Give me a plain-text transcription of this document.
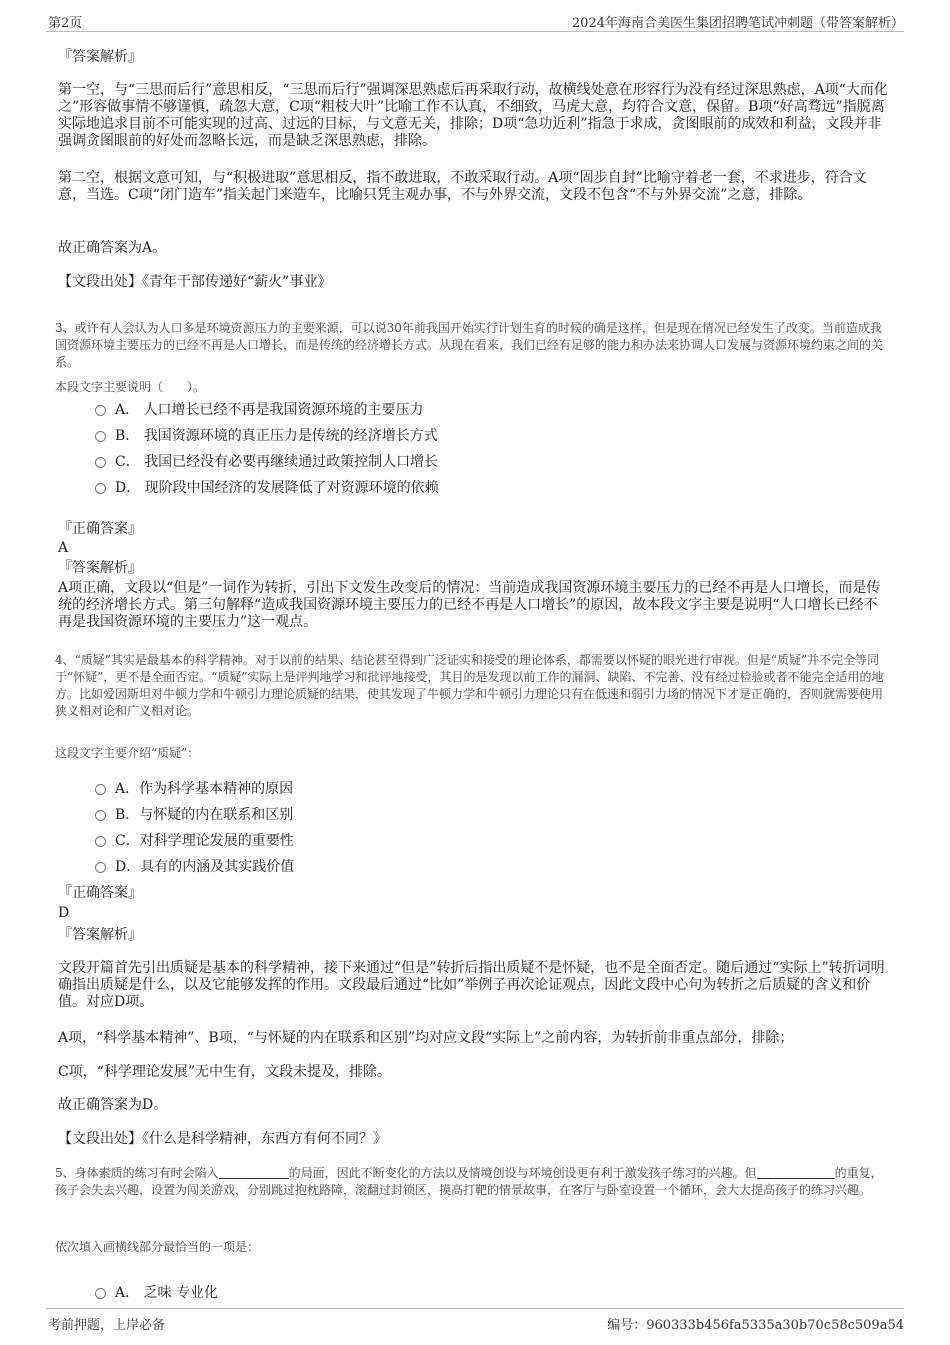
第2页	2024年海南合美医生集团招聘笔试冲刺题（带答案解析）
『答案解析』
第一空，与“三思而后行”意思相反，“三思而后行”强调深思熟虑后再采取行动，故横线处意在形容行为没有经过深思熟虑，A项“大而化之”形容做事情不够谨慎，疏忽大意，C项“粗枝大叶”比喻工作不认真，不细致，马虎大意，均符合文意，保留。B项“好高骛远”指脱离实际地追求目前不可能实现的过高、过远的目标，与文意无关，排除；D项“急功近利”指急于求成，贪图眼前的成效和利益，文段并非强调贪图眼前的好处而忽略长远，而是缺乏深思熟虑，排除。
第二空，根据文意可知，与“积极进取”意思相反，指不敢进取，不敢采取行动。A项“固步自封”比喻守着老一套，不求进步，符合文意，当选。C项“闭门造车”指关起门来造车，比喻只凭主观办事，不与外界交流，文段不包含“不与外界交流”之意，排除。
故正确答案为A。
【文段出处】《青年干部传递好“薪火”事业》
3、或许有人会认为人口多是环境资源压力的主要来源，可以说30年前我国开始实行计划生育的时候的确是这样，但是现在情况已经发生了改变。当前造成我国资源环境主要压力的已经不再是人口增长，而是传统的经济增长方式。从现在看来，我们已经有足够的能力和办法来协调人口发展与资源环境约束之间的关系。
本段文字主要说明（　　）。
A． 人口增长已经不再是我国资源环境的主要压力
B． 我国资源环境的真正压力是传统的经济增长方式
C． 我国已经没有必要再继续通过政策控制人口增长
D． 现阶段中国经济的发展降低了对资源环境的依赖
『正确答案』
A
『答案解析』
A项正确，文段以“但是”一词作为转折，引出下文发生改变后的情况：当前造成我国资源环境主要压力的已经不再是人口增长，而是传统的经济增长方式。第三句解释“造成我国资源环境主要压力的已经不再是人口增长”的原因，故本段文字主要是说明“人口增长已经不再是我国资源环境的主要压力”这一观点。
4、“质疑”其实是最基本的科学精神。对于以前的结果、结论甚至得到广泛证实和接受的理论体系，都需要以怀疑的眼光进行审视。但是“质疑”并不完全等同于“怀疑”，更不是全面否定。“质疑”实际上是评判地学习和批评地接受，其目的是发现以前工作的漏洞、缺陷、不完善、没有经过检验或者不能完全适用的地方。比如爱因斯坦对牛顿力学和牛顿引力理论质疑的结果，使其发现了牛顿力学和牛顿引力理论只有在低速和弱引力场的情况下才是正确的，否则就需要使用狭义相对论和广义相对论。
这段文字主要介绍“质疑”：
A．作为科学基本精神的原因
B．与怀疑的内在联系和区别
C．对科学理论发展的重要性
D．具有的内涵及其实践价值
『正确答案』
D
『答案解析』
文段开篇首先引出质疑是基本的科学精神，接下来通过“但是”转折后指出质疑不是怀疑，也不是全面否定。随后通过“实际上”转折词明确指出质疑是什么，以及它能够发挥的作用。文段最后通过“比如”举例子再次论证观点，因此文段中心句为转折之后质疑的含义和价值。对应D项。
A项，“科学基本精神”、B项，“与怀疑的内在联系和区别”均对应文段“实际上”之前内容，为转折前非重点部分，排除；
C项，“科学理论发展”无中生有，文段未提及，排除。
故正确答案为D。
【文段出处】《什么是科学精神，东西方有何不同？》
5、身体素质的练习有时会陷入	的局面，因此不断变化的方法以及情境创设与环境创设更有利于激发孩子练习的兴趣。但	的重复，孩子会失去兴趣，设置为闯关游戏，分别跳过抱枕路障，滚翻过封锁区，摸高打靶的情景故事，在客厅与卧室设置一个循环，会大大提高孩子的练习兴趣。
依次填入画横线部分最恰当的一项是：
A． 乏味 专业化
考前押题，上岸必备	编号：960333b456fa5335a30b70c58c509a54
